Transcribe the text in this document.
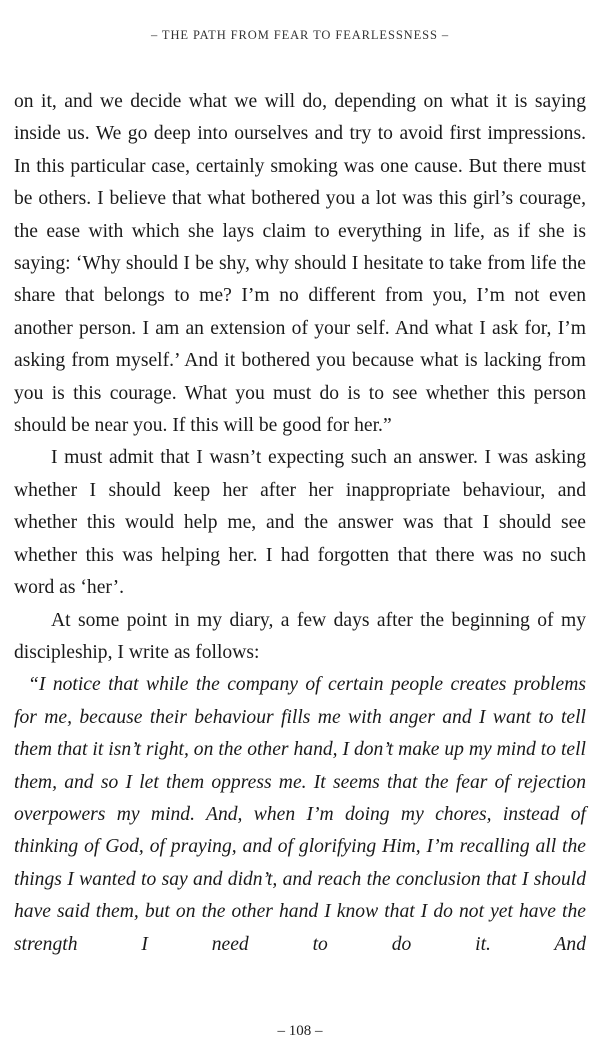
– THE PATH FROM FEAR TO FEARLESSNESS –

on it, and we decide what we will do, depending on what it is saying inside us. We go deep into ourselves and try to avoid first impressions. In this particular case, certainly smoking was one cause. But there must be others. I believe that what bothered you a lot was this girl’s courage, the ease with which she lays claim to everything in life, as if she is saying: ‘Why should I be shy, why should I hesitate to take from life the share that belongs to me? I’m no different from you, I’m not even another person. I am an extension of your self. And what I ask for, I’m asking from myself.’ And it bothered you because what is lacking from you is this courage. What you must do is to see whether this person should be near you. If this will be good for her.”

I must admit that I wasn’t expecting such an answer. I was asking whether I should keep her after her inappropriate behaviour, and whether this would help me, and the answer was that I should see whether this was helping her. I had forgotten that there was no such word as ‘her’.

At some point in my diary, a few days after the beginning of my discipleship, I write as follows:

“I notice that while the company of certain people creates problems for me, because their behaviour fills me with anger and I want to tell them that it isn’t right, on the other hand, I don’t make up my mind to tell them, and so I let them oppress me. It seems that the fear of rejection overpowers my mind. And, when I’m doing my chores, instead of thinking of God, of praying, and of glorifying Him, I’m recalling all the things I wanted to say and didn’t, and reach the conclusion that I should have said them, but on the other hand I know that I do not yet have the strength I need to do it. And

– 108 –
